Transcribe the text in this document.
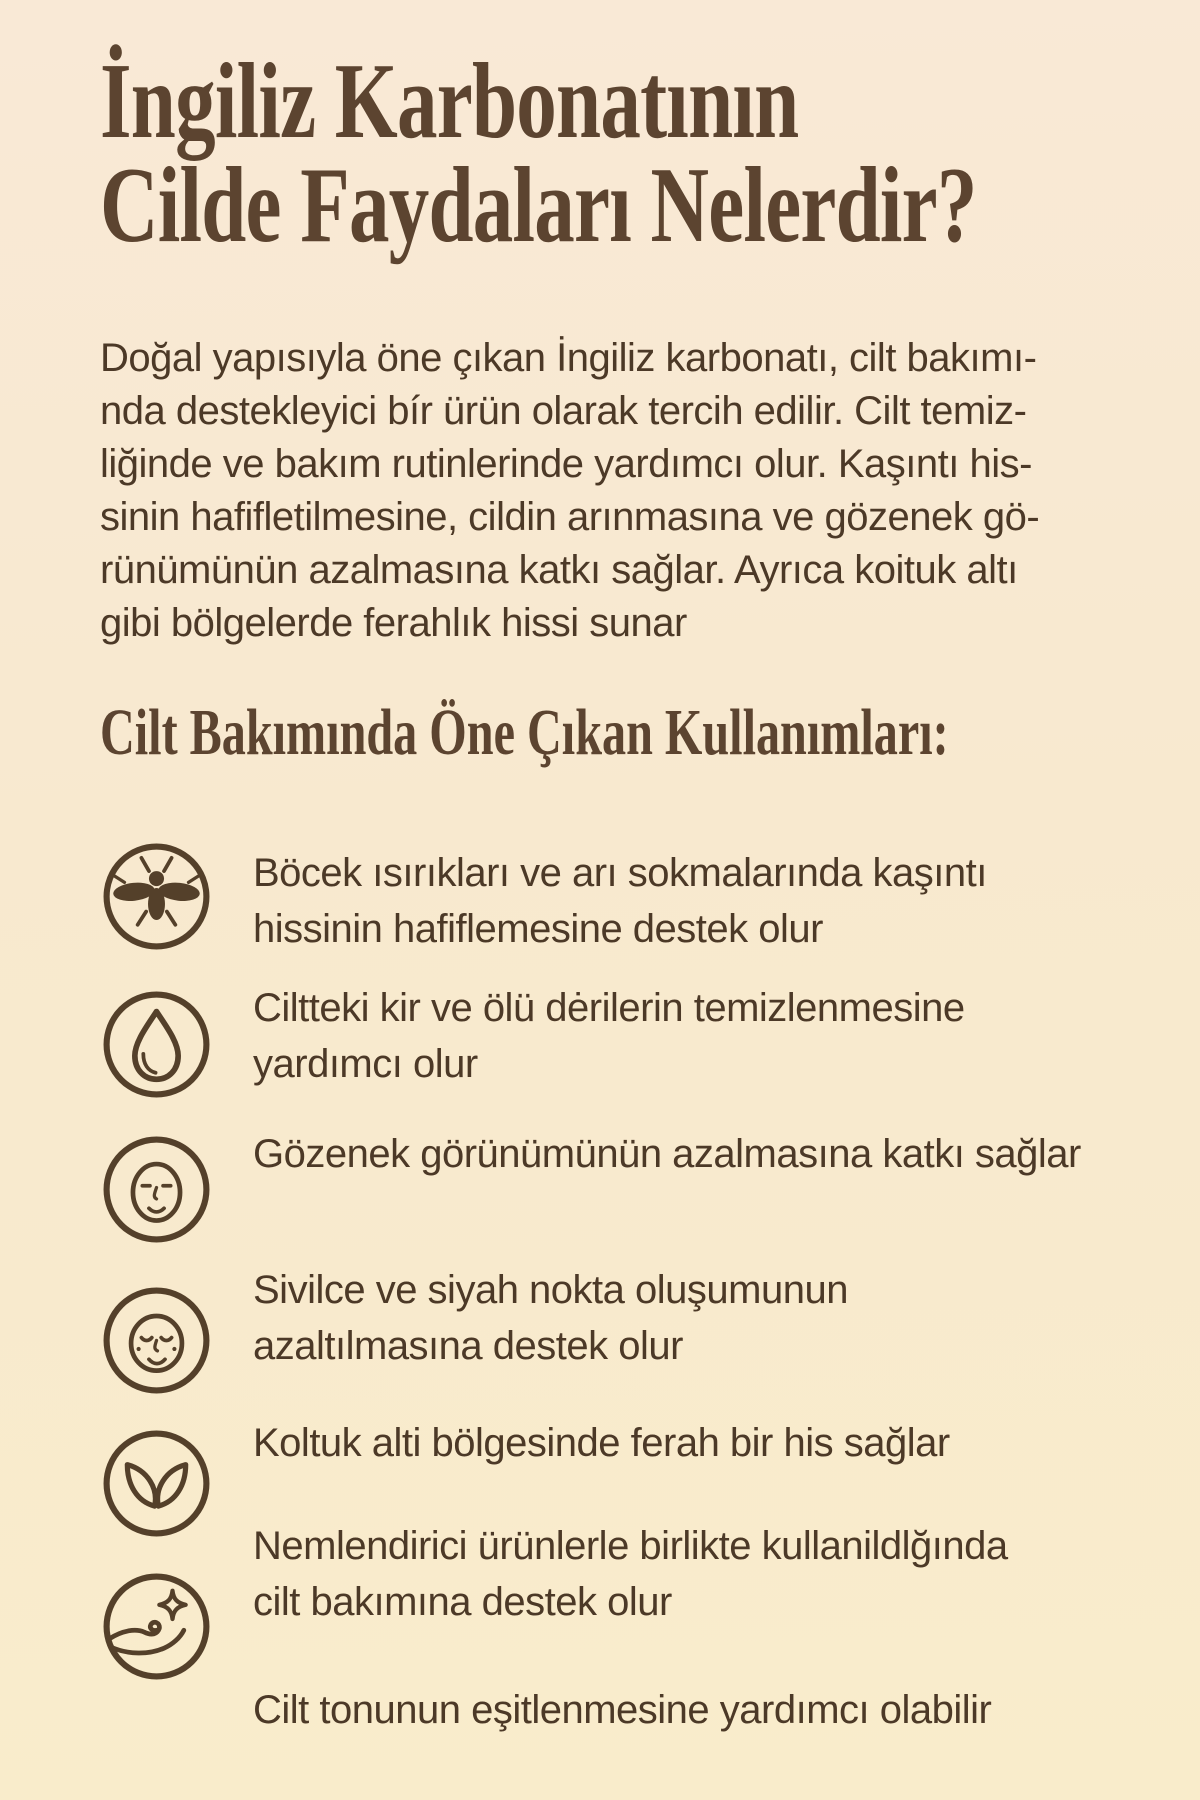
İngiliz Karbonatının
Cilde Faydaları Nelerdir?
Doğal yapısıyla öne çıkan İngiliz karbonatı, cilt bakımı-
nda destekleyici bír ürün olarak tercih edilir. Cilt temiz-
liğinde ve bakım rutinlerinde yardımcı olur. Kaşıntı his-
sinin hafifletilmesine, cildin arınmasına ve gözenek gö-
rünümünün azalmasına katkı sağlar. Ayrıca koituk altı
gibi bölgelerde ferahlık hissi sunar
Cilt Bakımında Öne Çıkan Kullanımları:
Böcek ısırıkları ve arı sokmalarında kaşıntı
hissinin hafiflemesine destek olur
Ciltteki kir ve ölü dėrilerin temizlenmesine
yardımcı olur
Gözenek görünümünün azalmasına katkı sağlar
Sivilce ve siyah nokta oluşumunun
azaltılmasına destek olur
Koltuk alti bölgesinde ferah bir his sağlar
Nemlendirici ürünlerle birlikte kullanildlğında
cilt bakımına destek olur
Cilt tonunun eşitlenmesine yardımcı olabilir
